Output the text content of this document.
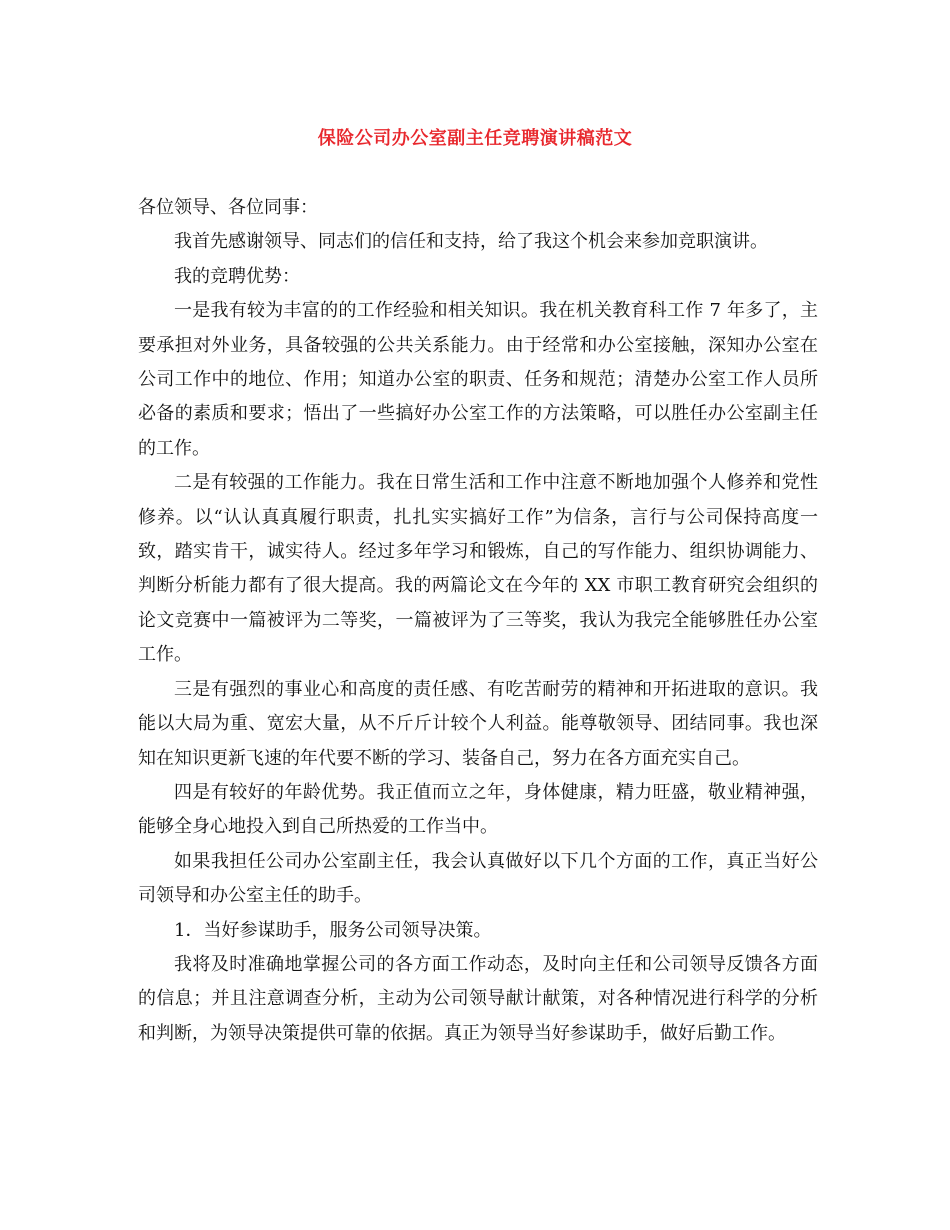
保险公司办公室副主任竞聘演讲稿范文

各位领导、各位同事：

我首先感谢领导、同志们的信任和支持，给了我这个机会来参加竞职演讲。

我的竞聘优势：

一是我有较为丰富的的工作经验和相关知识。我在机关教育科工作 7 年多了，主要承担对外业务，具备较强的公共关系能力。由于经常和办公室接触，深知办公室在公司工作中的地位、作用；知道办公室的职责、任务和规范；清楚办公室工作人员所必备的素质和要求；悟出了一些搞好办公室工作的方法策略，可以胜任办公室副主任的工作。

二是有较强的工作能力。我在日常生活和工作中注意不断地加强个人修养和党性修养。以“认认真真履行职责，扎扎实实搞好工作”为信条，言行与公司保持高度一致，踏实肯干，诚实待人。经过多年学习和锻炼，自己的写作能力、组织协调能力、判断分析能力都有了很大提高。我的两篇论文在今年的 XX 市职工教育研究会组织的论文竞赛中一篇被评为二等奖，一篇被评为了三等奖，我认为我完全能够胜任办公室工作。

三是有强烈的事业心和高度的责任感、有吃苦耐劳的精神和开拓进取的意识。我能以大局为重、宽宏大量，从不斤斤计较个人利益。能尊敬领导、团结同事。我也深知在知识更新飞速的年代要不断的学习、装备自己，努力在各方面充实自己。

四是有较好的年龄优势。我正值而立之年，身体健康，精力旺盛，敬业精神强，能够全身心地投入到自己所热爱的工作当中。

如果我担任公司办公室副主任，我会认真做好以下几个方面的工作，真正当好公司领导和办公室主任的助手。

1．当好参谋助手，服务公司领导决策。

我将及时准确地掌握公司的各方面工作动态，及时向主任和公司领导反馈各方面的信息；并且注意调查分析，主动为公司领导献计献策，对各种情况进行科学的分析和判断，为领导决策提供可靠的依据。真正为领导当好参谋助手，做好后勤工作。
